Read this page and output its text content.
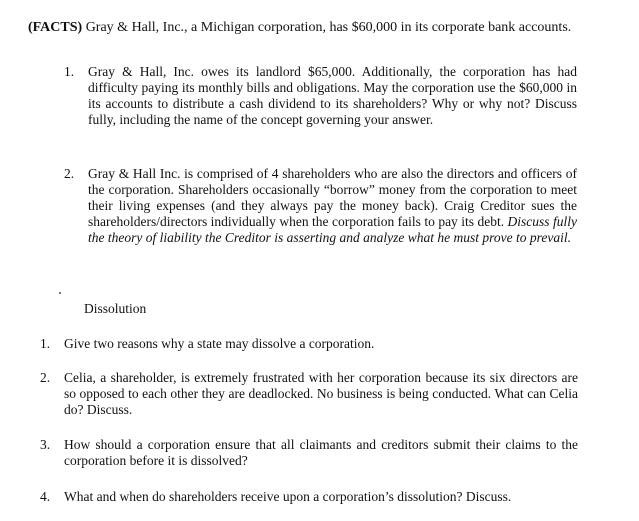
(FACTS) Gray & Hall, Inc., a Michigan corporation, has $60,000 in its corporate bank accounts.
1. Gray & Hall, Inc. owes its landlord $65,000. Additionally, the corporation has had difficulty paying its monthly bills and obligations. May the corporation use the $60,000 in its accounts to distribute a cash dividend to its shareholders? Why or why not? Discuss fully, including the name of the concept governing your answer.
2. Gray & Hall Inc. is comprised of 4 shareholders who are also the directors and officers of the corporation. Shareholders occasionally “borrow” money from the corporation to meet their living expenses (and they always pay the money back). Craig Creditor sues the shareholders/directors individually when the corporation fails to pay its debt. Discuss fully the theory of liability the Creditor is asserting and analyze what he must prove to prevail.
Dissolution
1. Give two reasons why a state may dissolve a corporation.
2. Celia, a shareholder, is extremely frustrated with her corporation because its six directors are so opposed to each other they are deadlocked. No business is being conducted. What can Celia do? Discuss.
3. How should a corporation ensure that all claimants and creditors submit their claims to the corporation before it is dissolved?
4. What and when do shareholders receive upon a corporation’s dissolution? Discuss.
